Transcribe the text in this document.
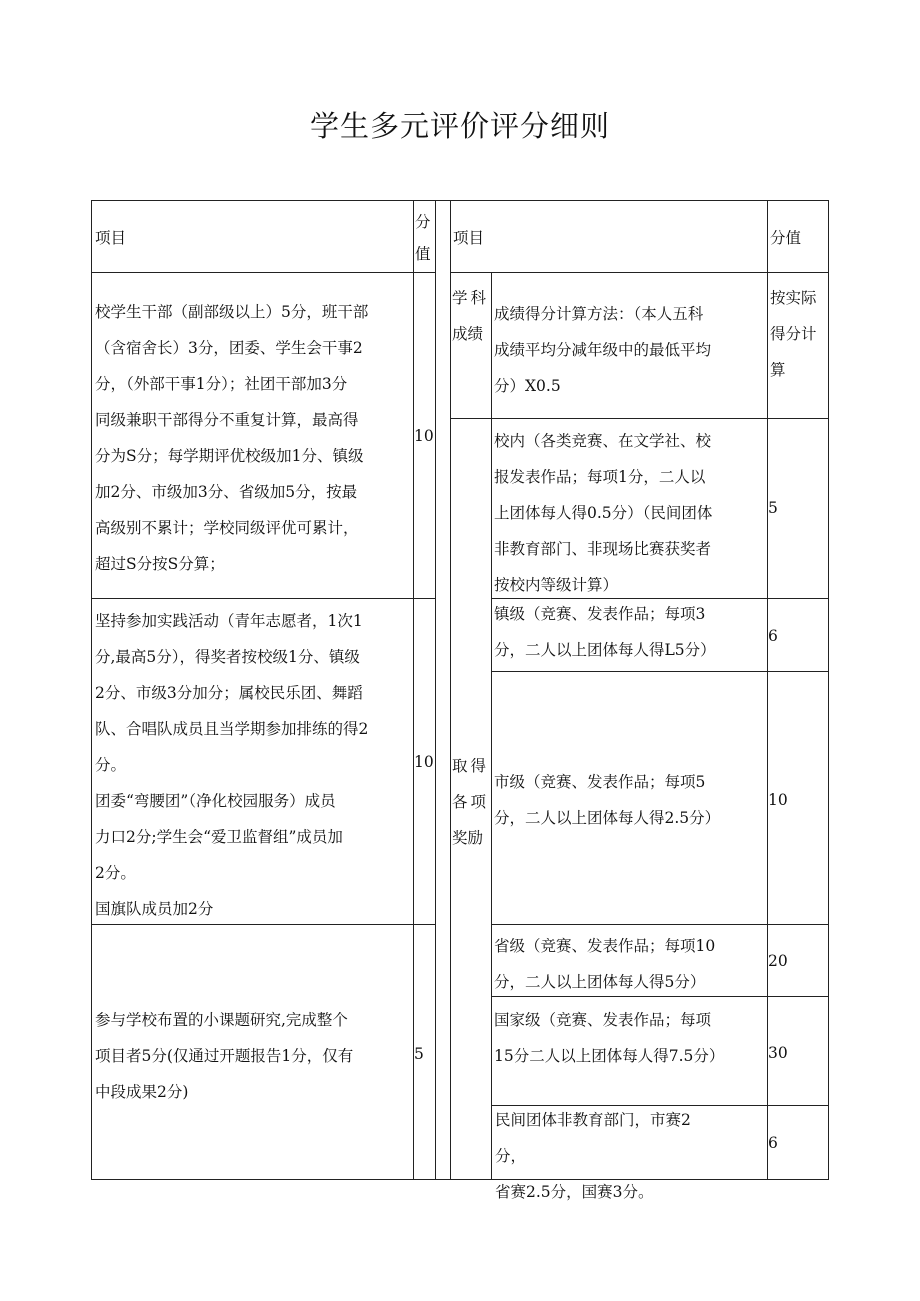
学生多元评价评分细则
项目
分
值
项目	分值
校学生干部（副部级以上）5分，班干部
（含宿舍长）3分，团委、学生会干事2
分，（外部干事1分）；社团干部加3分
同级兼职干部得分不重复计算，最高得
分为S分；每学期评优校级加1分、镇级
加2分、市级加3分、省级加5分，按最
高级别不累计；学校同级评优可累计，
超过S分按S分算；
10
坚持参加实践活动（青年志愿者，1次1
分,最高5分），得奖者按校级1分、镇级
2分、市级3分加分；属校民乐团、舞蹈
队、合唱队成员且当学期参加排练的得2
分。
团委“弯腰团”（净化校园服务）成员
力口2分;学生会“爱卫监督组”成员加
2分。
国旗队成员加2分
10
参与学校布置的小课题研究,完成整个
项目者5分(仅通过开题报告1分，仅有
中段成果2分)
5
学科
成绩
成绩得分计算方法：（本人五科
成绩平均分减年级中的最低平均
分）X0.5
按实际
得分计
算
取得
各项
奖励
校内（各类竞赛、在文学社、校
报发表作品；每项1分，二人以
上团体每人得0.5分）（民间团体
非教育部门、非现场比赛获奖者
按校内等级计算）
5
镇级（竞赛、发表作品；每项3
分，二人以上团体每人得L5分）
6
市级（竞赛、发表作品；每项5
分，二人以上团体每人得2.5分）
10
省级（竞赛、发表作品；每项10
分，二人以上团体每人得5分）
20
国家级（竞赛、发表作品；每项
15分二人以上团体每人得7.5分）	30
民间团体非教育部门，市赛2
分，
省赛2.5分，国赛3分。
6
